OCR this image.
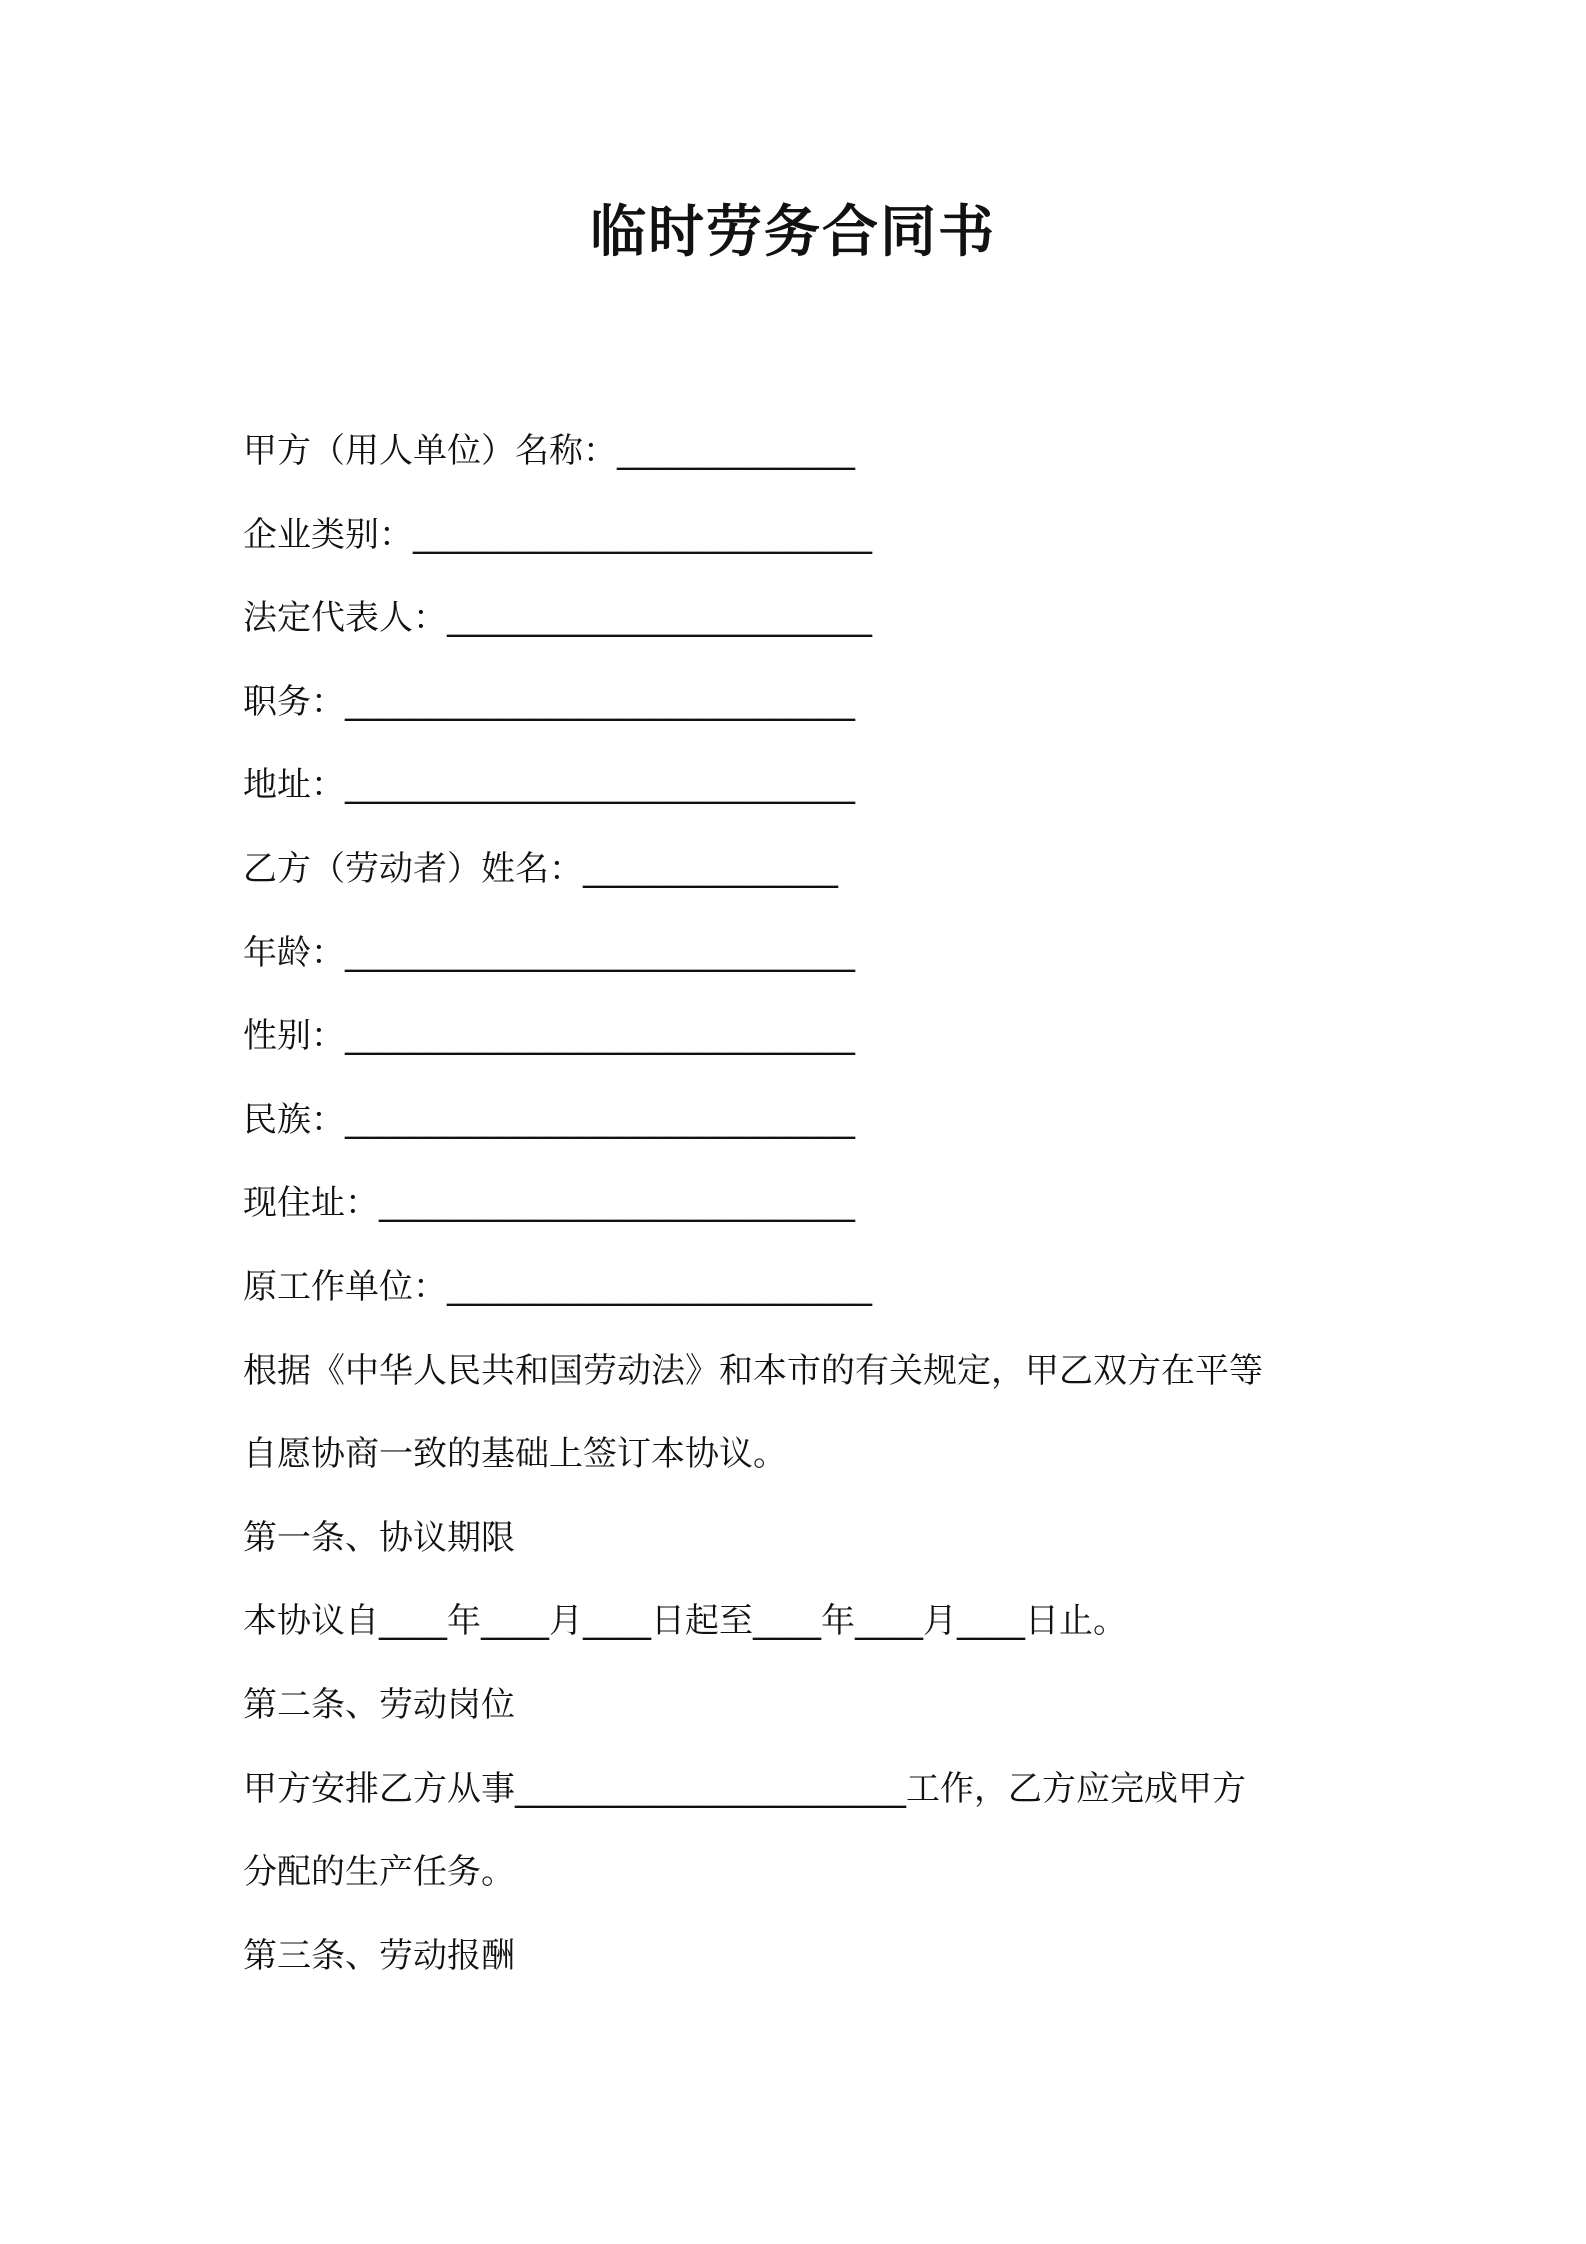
临时劳务合同书
甲方（用人单位）名称：______________
企业类别：___________________________
法定代表人：_________________________
职务：______________________________
地址：______________________________
乙方（劳动者）姓名：_______________
年龄：______________________________
性别：______________________________
民族：______________________________
现住址：____________________________
原工作单位：_________________________
根据《中华人民共和国劳动法》和本市的有关规定，甲乙双方在平等
自愿协商一致的基础上签订本协议。
第一条、协议期限
本协议自____年____月____日起至____年____月____日止。
第二条、劳动岗位
甲方安排乙方从事_______________________工作，乙方应完成甲方
分配的生产任务。
第三条、劳动报酬
